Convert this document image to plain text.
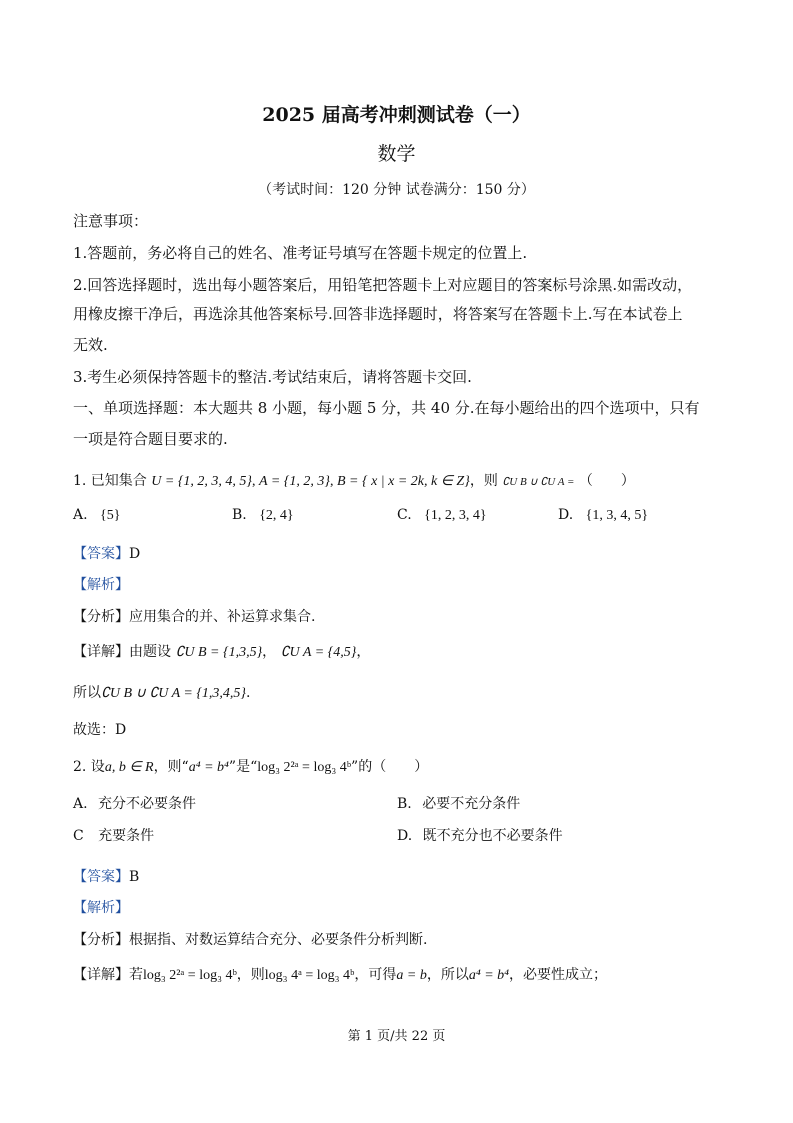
2025 届高考冲刺测试卷（一）
数学
（考试时间：120 分钟 试卷满分：150 分）
注意事项：
1.答题前，务必将自己的姓名、准考证号填写在答题卡规定的位置上.
2.回答选择题时，选出每小题答案后，用铅笔把答题卡上对应题目的答案标号涂黑.如需改动，
用橡皮擦干净后，再选涂其他答案标号.回答非选择题时，将答案写在答题卡上.写在本试卷上
无效.
3.考生必须保持答题卡的整洁.考试结束后，请将答题卡交回.
一、单项选择题：本大题共 8 小题，每小题 5 分，共 40 分.在每小题给出的四个选项中，只有
一项是符合题目要求的.
1. 已知集合 U = {1, 2, 3, 4, 5}, A = {1, 2, 3}, B = { x | x = 2k, k ∈ Z}，则 ∁U B ∪ ∁U A = （　　）
A. {5}	B. {2, 4}	C. {1, 2, 3, 4}	D. {1, 3, 4, 5}
【答案】D
【解析】
【分析】应用集合的并、补运算求集合.
【详解】由题设 ∁U B = {1,3,5}， ∁U A = {4,5}，
所以∁U B ∪ ∁U A = {1,3,4,5}.
故选：D
2. 设a, b ∈ R，则“a⁴ = b⁴”是“log₃ 2²ᵃ = log₃ 4ᵇ”的（　　）
A. 充分不必要条件	B. 必要不充分条件
C 充要条件	D. 既不充分也不必要条件
【答案】B
【解析】
【分析】根据指、对数运算结合充分、必要条件分析判断.
【详解】若log₃ 2²ᵃ = log₃ 4ᵇ，则log₃ 4ᵃ = log₃ 4ᵇ，可得a = b，所以a⁴ = b⁴，必要性成立；
第 1 页/共 22 页
